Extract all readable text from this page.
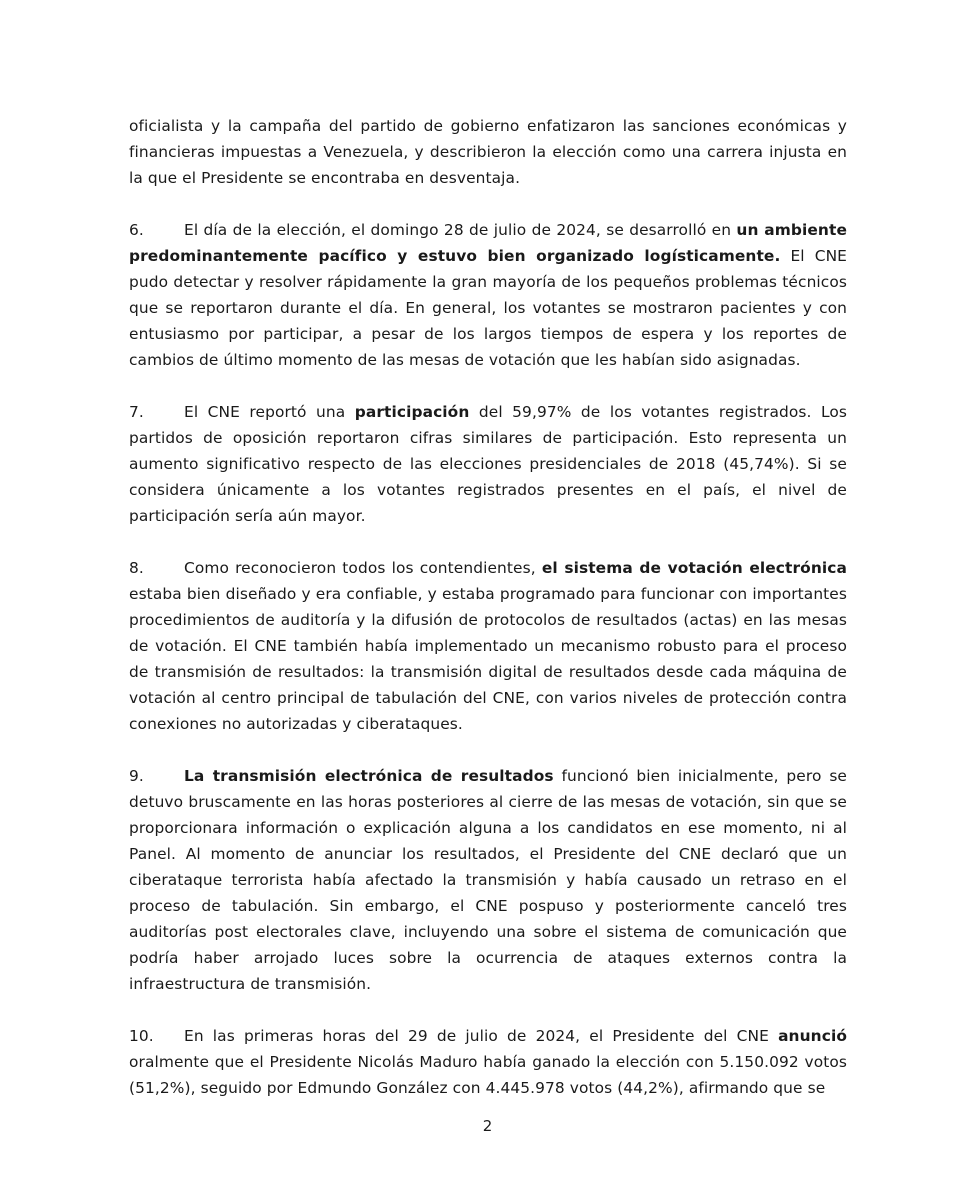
oficialista y la campaña del partido de gobierno enfatizaron las sanciones económicas y financieras impuestas a Venezuela, y describieron la elección como una carrera injusta en la que el Presidente se encontraba en desventaja.

6.	El día de la elección, el domingo 28 de julio de 2024, se desarrolló en un ambiente predominantemente pacífico y estuvo bien organizado logísticamente. El CNE pudo detectar y resolver rápidamente la gran mayoría de los pequeños problemas técnicos que se reportaron durante el día. En general, los votantes se mostraron pacientes y con entusiasmo por participar, a pesar de los largos tiempos de espera y los reportes de cambios de último momento de las mesas de votación que les habían sido asignadas.

7.	El CNE reportó una participación del 59,97% de los votantes registrados. Los partidos de oposición reportaron cifras similares de participación. Esto representa un aumento significativo respecto de las elecciones presidenciales de 2018 (45,74%). Si se considera únicamente a los votantes registrados presentes en el país, el nivel de participación sería aún mayor.

8.	Como reconocieron todos los contendientes, el sistema de votación electrónica estaba bien diseñado y era confiable, y estaba programado para funcionar con importantes procedimientos de auditoría y la difusión de protocolos de resultados (actas) en las mesas de votación. El CNE también había implementado un mecanismo robusto para el proceso de transmisión de resultados: la transmisión digital de resultados desde cada máquina de votación al centro principal de tabulación del CNE, con varios niveles de protección contra conexiones no autorizadas y ciberataques.

9.	La transmisión electrónica de resultados funcionó bien inicialmente, pero se detuvo bruscamente en las horas posteriores al cierre de las mesas de votación, sin que se proporcionara información o explicación alguna a los candidatos en ese momento, ni al Panel. Al momento de anunciar los resultados, el Presidente del CNE declaró que un ciberataque terrorista había afectado la transmisión y había causado un retraso en el proceso de tabulación. Sin embargo, el CNE pospuso y posteriormente canceló tres auditorías post electorales clave, incluyendo una sobre el sistema de comunicación que podría haber arrojado luces sobre la ocurrencia de ataques externos contra la infraestructura de transmisión.

10. En las primeras horas del 29 de julio de 2024, el Presidente del CNE anunció oralmente que el Presidente Nicolás Maduro había ganado la elección con 5.150.092 votos (51,2%), seguido por Edmundo González con 4.445.978 votos (44,2%), afirmando que se

2
